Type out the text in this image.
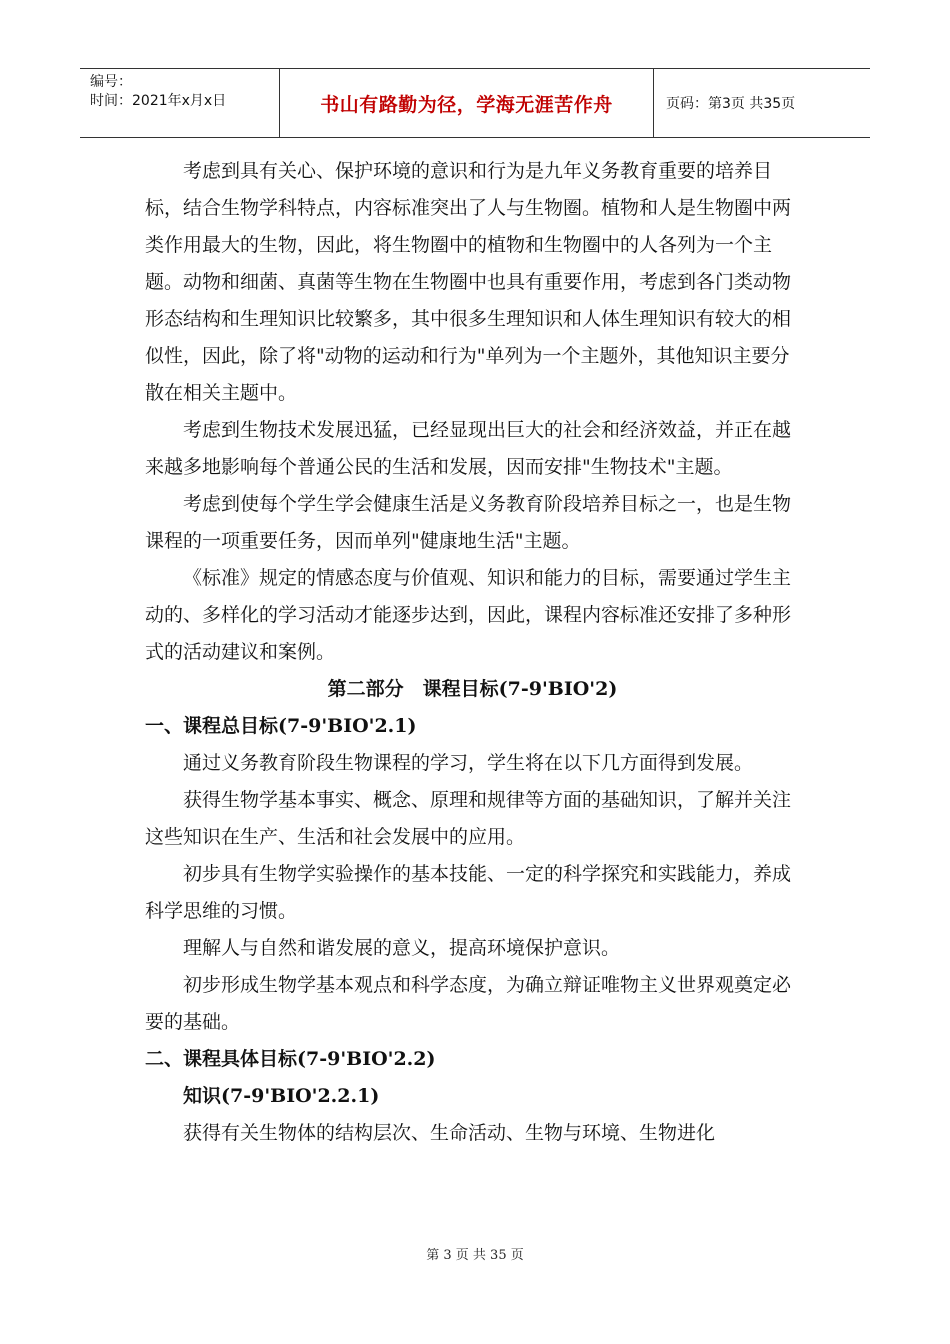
编号：
时间：2021年x月x日	书山有路勤为径，学海无涯苦作舟	页码：第3页 共35页

考虑到具有关心、保护环境的意识和行为是九年义务教育重要的培养目标，结合生物学科特点，内容标准突出了人与生物圈。植物和人是生物圈中两类作用最大的生物，因此，将生物圈中的植物和生物圈中的人各列为一个主题。动物和细菌、真菌等生物在生物圈中也具有重要作用，考虑到各门类动物形态结构和生理知识比较繁多，其中很多生理知识和人体生理知识有较大的相似性，因此，除了将"动物的运动和行为"单列为一个主题外，其他知识主要分散在相关主题中。

考虑到生物技术发展迅猛，已经显现出巨大的社会和经济效益，并正在越来越多地影响每个普通公民的生活和发展，因而安排"生物技术"主题。

考虑到使每个学生学会健康生活是义务教育阶段培养目标之一，也是生物课程的一项重要任务，因而单列"健康地生活"主题。

《标准》规定的情感态度与价值观、知识和能力的目标，需要通过学生主动的、多样化的学习活动才能逐步达到，因此，课程内容标准还安排了多种形式的活动建议和案例。

第二部分　课程目标(7-9'BIO'2)

一、课程总目标(7-9'BIO'2.1)

通过义务教育阶段生物课程的学习，学生将在以下几方面得到发展。

获得生物学基本事实、概念、原理和规律等方面的基础知识，了解并关注这些知识在生产、生活和社会发展中的应用。

初步具有生物学实验操作的基本技能、一定的科学探究和实践能力，养成科学思维的习惯。

理解人与自然和谐发展的意义，提高环境保护意识。

初步形成生物学基本观点和科学态度，为确立辩证唯物主义世界观奠定必要的基础。

二、课程具体目标(7-9'BIO'2.2)

知识(7-9'BIO'2.2.1)

获得有关生物体的结构层次、生命活动、生物与环境、生物进化

第 3 页 共 35 页
